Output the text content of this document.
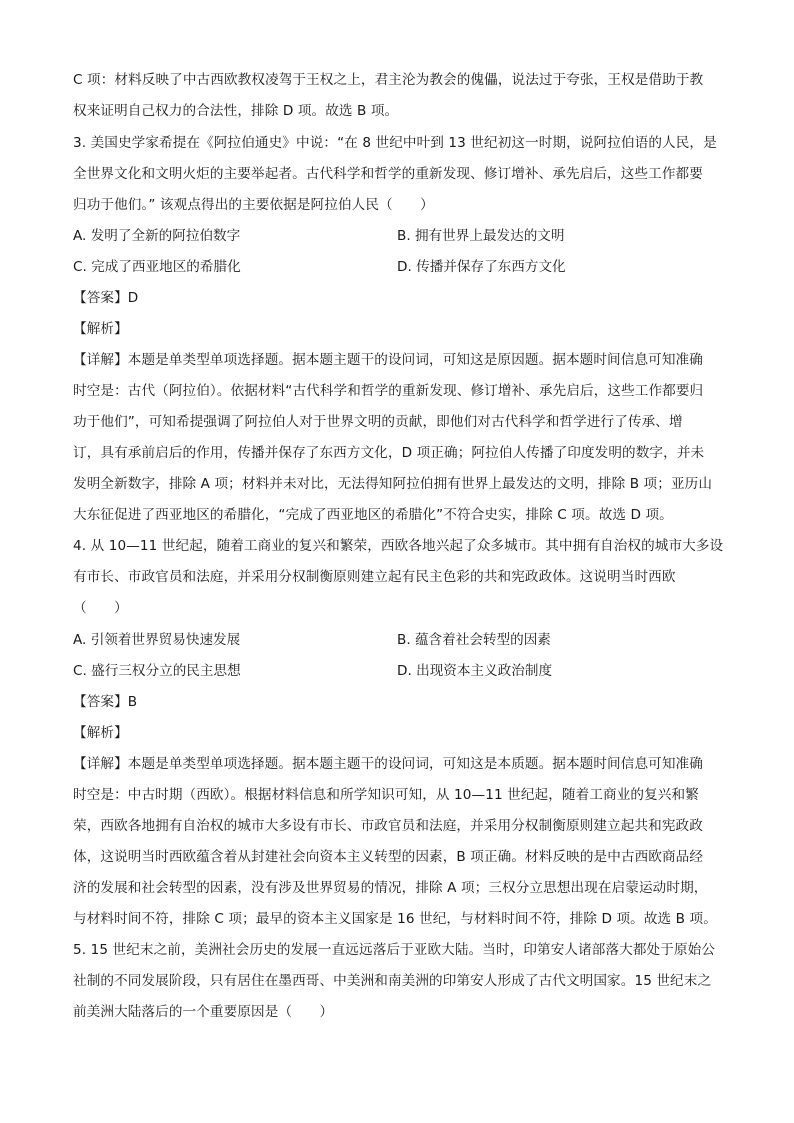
C 项：材料反映了中古西欧教权凌驾于王权之上，君主沦为教会的傀儡，说法过于夸张，王权是借助于教
权来证明自己权力的合法性，排除 D 项。故选 B 项。
3. 美国史学家希提在《阿拉伯通史》中说：“在 8 世纪中叶到 13 世纪初这一时期，说阿拉伯语的人民，是
全世界文化和文明火炬的主要举起者。古代科学和哲学的重新发现、修订增补、承先启后，这些工作都要
归功于他们。” 该观点得出的主要依据是阿拉伯人民（　　）
A. 发明了全新的阿拉伯数字	B. 拥有世界上最发达的文明
C. 完成了西亚地区的希腊化	D. 传播并保存了东西方文化
【答案】D
【解析】
【详解】本题是单类型单项选择题。据本题主题干的设问词，可知这是原因题。据本题时间信息可知准确
时空是：古代（阿拉伯）。依据材料“古代科学和哲学的重新发现、修订增补、承先启后，这些工作都要归
功于他们”，可知希提强调了阿拉伯人对于世界文明的贡献，即他们对古代科学和哲学进行了传承、增
订，具有承前启后的作用，传播并保存了东西方文化，D 项正确；阿拉伯人传播了印度发明的数字，并未
发明全新数字，排除 A 项；材料并未对比，无法得知阿拉伯拥有世界上最发达的文明，排除 B 项；亚历山
大东征促进了西亚地区的希腊化，“完成了西亚地区的希腊化”不符合史实，排除 C 项。故选 D 项。
4. 从 10—11 世纪起，随着工商业的复兴和繁荣，西欧各地兴起了众多城市。其中拥有自治权的城市大多设
有市长、市政官员和法庭，并采用分权制衡原则建立起有民主色彩的共和宪政政体。这说明当时西欧
（　　）
A. 引领着世界贸易快速发展	B. 蕴含着社会转型的因素
C. 盛行三权分立的民主思想	D. 出现资本主义政治制度
【答案】B
【解析】
【详解】本题是单类型单项选择题。据本题主题干的设问词，可知这是本质题。据本题时间信息可知准确
时空是：中古时期（西欧）。根据材料信息和所学知识可知，从 10—11 世纪起，随着工商业的复兴和繁
荣，西欧各地拥有自治权的城市大多设有市长、市政官员和法庭，并采用分权制衡原则建立起共和宪政政
体，这说明当时西欧蕴含着从封建社会向资本主义转型的因素，B 项正确。材料反映的是中古西欧商品经
济的发展和社会转型的因素，没有涉及世界贸易的情况，排除 A 项；三权分立思想出现在启蒙运动时期，
与材料时间不符，排除 C 项；最早的资本主义国家是 16 世纪，与材料时间不符，排除 D 项。故选 B 项。
5. 15 世纪末之前，美洲社会历史的发展一直远远落后于亚欧大陆。当时，印第安人诸部落大都处于原始公
社制的不同发展阶段，只有居住在墨西哥、中美洲和南美洲的印第安人形成了古代文明国家。15 世纪末之
前美洲大陆落后的一个重要原因是（　　）
